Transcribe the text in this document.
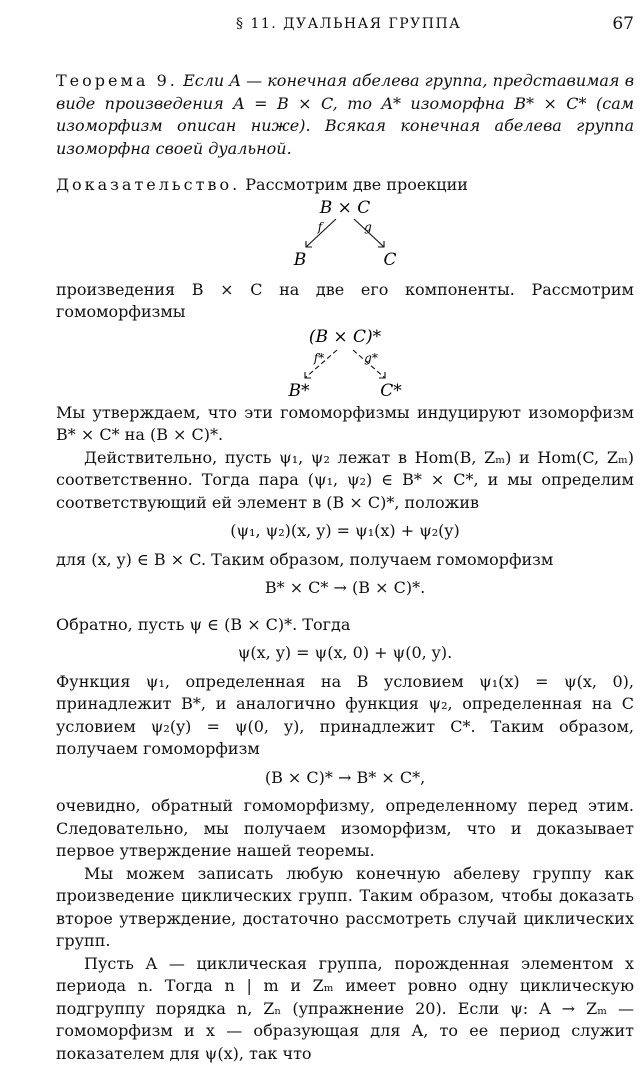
§ 11. ДУАЛЬНАЯ ГРУППА	67

Теорема 9. Если A — конечная абелева группа, представимая в виде произведения A = B × C, то A* изоморфна B* × C* (сам изоморфизм описан ниже). Всякая конечная абелева группа изоморфна своей дуальной.

Доказательство. Рассмотрим две проекции

B × C
f	g
B	C

произведения B × C на две его компоненты. Рассмотрим гомоморфизмы

(B × C)*
f*	g*
B*	C*

Мы утверждаем, что эти гомоморфизмы индуцируют изоморфизм B* × C* на (B × C)*.

Действительно, пусть ψ₁, ψ₂ лежат в Hom(B, Zₘ) и Hom(C, Zₘ) соответственно. Тогда пара (ψ₁, ψ₂) ∈ B* × C*, и мы определим соответствующий ей элемент в (B × C)*, положив

(ψ₁, ψ₂)(x, y) = ψ₁(x) + ψ₂(y)

для (x, y) ∈ B × C. Таким образом, получаем гомоморфизм

B* × C* → (B × C)*.

Обратно, пусть ψ ∈ (B × C)*. Тогда

ψ(x, y) = ψ(x, 0) + ψ(0, y).

Функция ψ₁, определенная на B условием ψ₁(x) = ψ(x, 0), принадлежит B*, и аналогично функция ψ₂, определенная на C условием ψ₂(y) = ψ(0, y), принадлежит C*. Таким образом, получаем гомоморфизм

(B × C)* → B* × C*,

очевидно, обратный гомоморфизму, определенному перед этим. Следовательно, мы получаем изоморфизм, что и доказывает первое утверждение нашей теоремы.

Мы можем записать любую конечную абелеву группу как произведение циклических групп. Таким образом, чтобы доказать второе утверждение, достаточно рассмотреть случай циклических групп.

Пусть A — циклическая группа, порожденная элементом x периода n. Тогда n | m и Zₘ имеет ровно одну циклическую подгруппу порядка n, Zₙ (упражнение 20). Если ψ: A → Zₘ — гомоморфизм и x — образующая для A, то ее период служит показателем для ψ(x), так что
